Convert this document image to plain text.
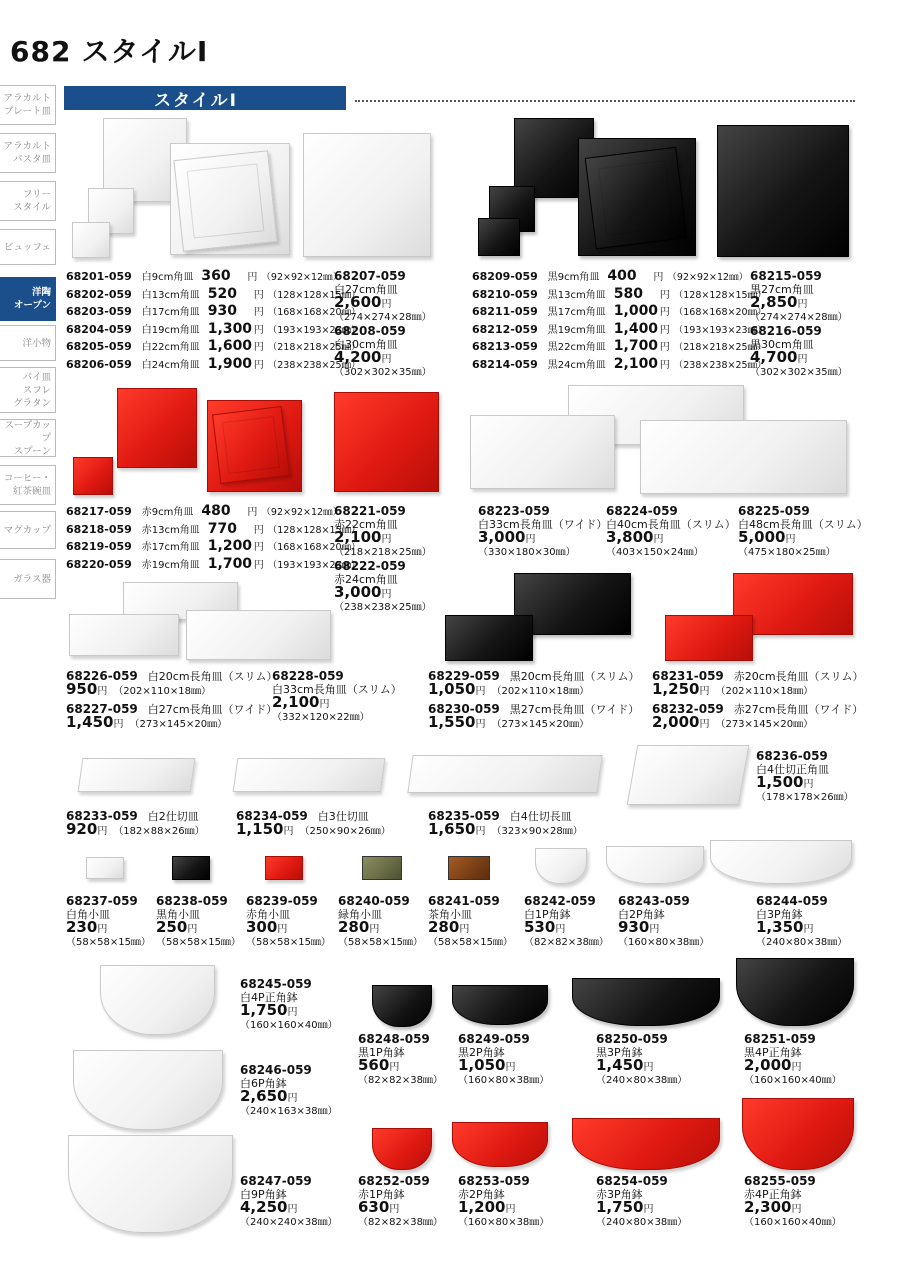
682 スタイルⅠ
スタイルⅠ
アラカルト
プレート皿
アラカルト
パスタ皿
フリー
スタイル
ビュッフェ
洋陶
オープン
洋小物
パイ皿
スフレ
グラタン
スープカップ
スプーン
コーヒー・
紅茶碗皿
マグカップ
ガラス器
68201-059 白9cm角皿 360 円 （92×92×12㎜）
68202-059 白13cm角皿 520 円 （128×128×15㎜）
68203-059 白17cm角皿 930 円 （168×168×20㎜）
68204-059 白19cm角皿 1,300 円 （193×193×23㎜）
68205-059 白22cm角皿 1,600 円 （218×218×25㎜）
68206-059 白24cm角皿 1,900 円 （238×238×25㎜）
68209-059 黒9cm角皿 400 円 （92×92×12㎜）
68210-059 黒13cm角皿 580 円 （128×128×15㎜）
68211-059 黒17cm角皿 1,000 円 （168×168×20㎜）
68212-059 黒19cm角皿 1,400 円 （193×193×23㎜）
68213-059 黒22cm角皿 1,700 円 （218×218×25㎜）
68214-059 黒24cm角皿 2,100 円 （238×238×25㎜）
68217-059 赤9cm角皿 480 円 （92×92×12㎜）
68218-059 赤13cm角皿 770 円 （128×128×15㎜）
68219-059 赤17cm角皿 1,200 円 （168×168×20㎜）
68220-059 赤19cm角皿 1,700 円 （193×193×23㎜）
68207-059
白27cm角皿
2,600円
（274×274×28㎜）
68208-059
白30cm角皿
4,200円
（302×302×35㎜）
68215-059
黒27cm角皿
2,850円
（274×274×28㎜）
68216-059
黒30cm角皿
4,700円
（302×302×35㎜）
68221-059
赤22cm角皿
2,100円
（218×218×25㎜）
68222-059
赤24cm角皿
3,000円
（238×238×25㎜）
68223-059
白33cm長角皿（ワイド）
3,000円
（330×180×30㎜）
68224-059
白40cm長角皿（スリム）
3,800円
（403×150×24㎜）
68225-059
白48cm長角皿（スリム）
5,000円
（475×180×25㎜）
68226-059 白20cm長角皿（スリム）
950円 （202×110×18㎜）
68227-059 白27cm長角皿（ワイド）
1,450円 （273×145×20㎜）
68228-059
白33cm長角皿（スリム）
2,100円
（332×120×22㎜）
68229-059 黒20cm長角皿（スリム）
1,050円 （202×110×18㎜）
68230-059 黒27cm長角皿（ワイド）
1,550円 （273×145×20㎜）
68231-059 赤20cm長角皿（スリム）
1,250円 （202×110×18㎜）
68232-059 赤27cm長角皿（ワイド）
2,000円 （273×145×20㎜）
68233-059 白2仕切皿
920円 （182×88×26㎜）
68234-059 白3仕切皿
1,150円 （250×90×26㎜）
68235-059 白4仕切長皿
1,650円 （323×90×28㎜）
68236-059
白4仕切正角皿
1,500円
（178×178×26㎜）
68237-059
白角小皿
230円
（58×58×15㎜）
68238-059
黒角小皿
250円
（58×58×15㎜）
68239-059
赤角小皿
300円
（58×58×15㎜）
68240-059
緑角小皿
280円
（58×58×15㎜）
68241-059
茶角小皿
280円
（58×58×15㎜）
68242-059
白1P角鉢
530円
（82×82×38㎜）
68243-059
白2P角鉢
930円
（160×80×38㎜）
68244-059
白3P角鉢
1,350円
（240×80×38㎜）
68245-059
白4P正角鉢
1,750円
（160×160×40㎜）
68246-059
白6P角鉢
2,650円
（240×163×38㎜）
68247-059
白9P角鉢
4,250円
（240×240×38㎜）
68248-059
黒1P角鉢
560円
（82×82×38㎜）
68249-059
黒2P角鉢
1,050円
（160×80×38㎜）
68250-059
黒3P角鉢
1,450円
（240×80×38㎜）
68251-059
黒4P正角鉢
2,000円
（160×160×40㎜）
68252-059
赤1P角鉢
630円
（82×82×38㎜）
68253-059
赤2P角鉢
1,200円
（160×80×38㎜）
68254-059
赤3P角鉢
1,750円
（240×80×38㎜）
68255-059
赤4P正角鉢
2,300円
（160×160×40㎜）
